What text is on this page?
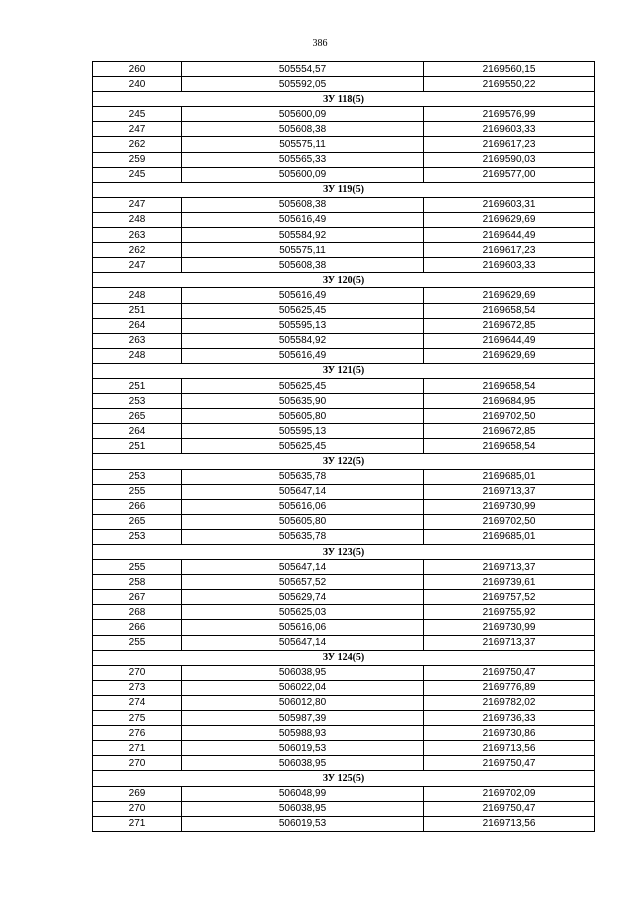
386
260	505554,57	2169560,15
240	505592,05	2169550,22
ЗУ 118(5)		
245	505600,09	2169576,99
247	505608,38	2169603,33
262	505575,11	2169617,23
259	505565,33	2169590,03
245	505600,09	2169577,00
ЗУ 119(5)		
247	505608,38	2169603,31
248	505616,49	2169629,69
263	505584,92	2169644,49
262	505575,11	2169617,23
247	505608,38	2169603,33
ЗУ 120(5)		
248	505616,49	2169629,69
251	505625,45	2169658,54
264	505595,13	2169672,85
263	505584,92	2169644,49
248	505616,49	2169629,69
ЗУ 121(5)		
251	505625,45	2169658,54
253	505635,90	2169684,95
265	505605,80	2169702,50
264	505595,13	2169672,85
251	505625,45	2169658,54
ЗУ 122(5)		
253	505635,78	2169685,01
255	505647,14	2169713,37
266	505616,06	2169730,99
265	505605,80	2169702,50
253	505635,78	2169685,01
ЗУ 123(5)		
255	505647,14	2169713,37
258	505657,52	2169739,61
267	505629,74	2169757,52
268	505625,03	2169755,92
266	505616,06	2169730,99
255	505647,14	2169713,37
ЗУ 124(5)		
270	506038,95	2169750,47
273	506022,04	2169776,89
274	506012,80	2169782,02
275	505987,39	2169736,33
276	505988,93	2169730,86
271	506019,53	2169713,56
270	506038,95	2169750,47
ЗУ 125(5)		
269	506048,99	2169702,09
270	506038,95	2169750,47
271	506019,53	2169713,56
